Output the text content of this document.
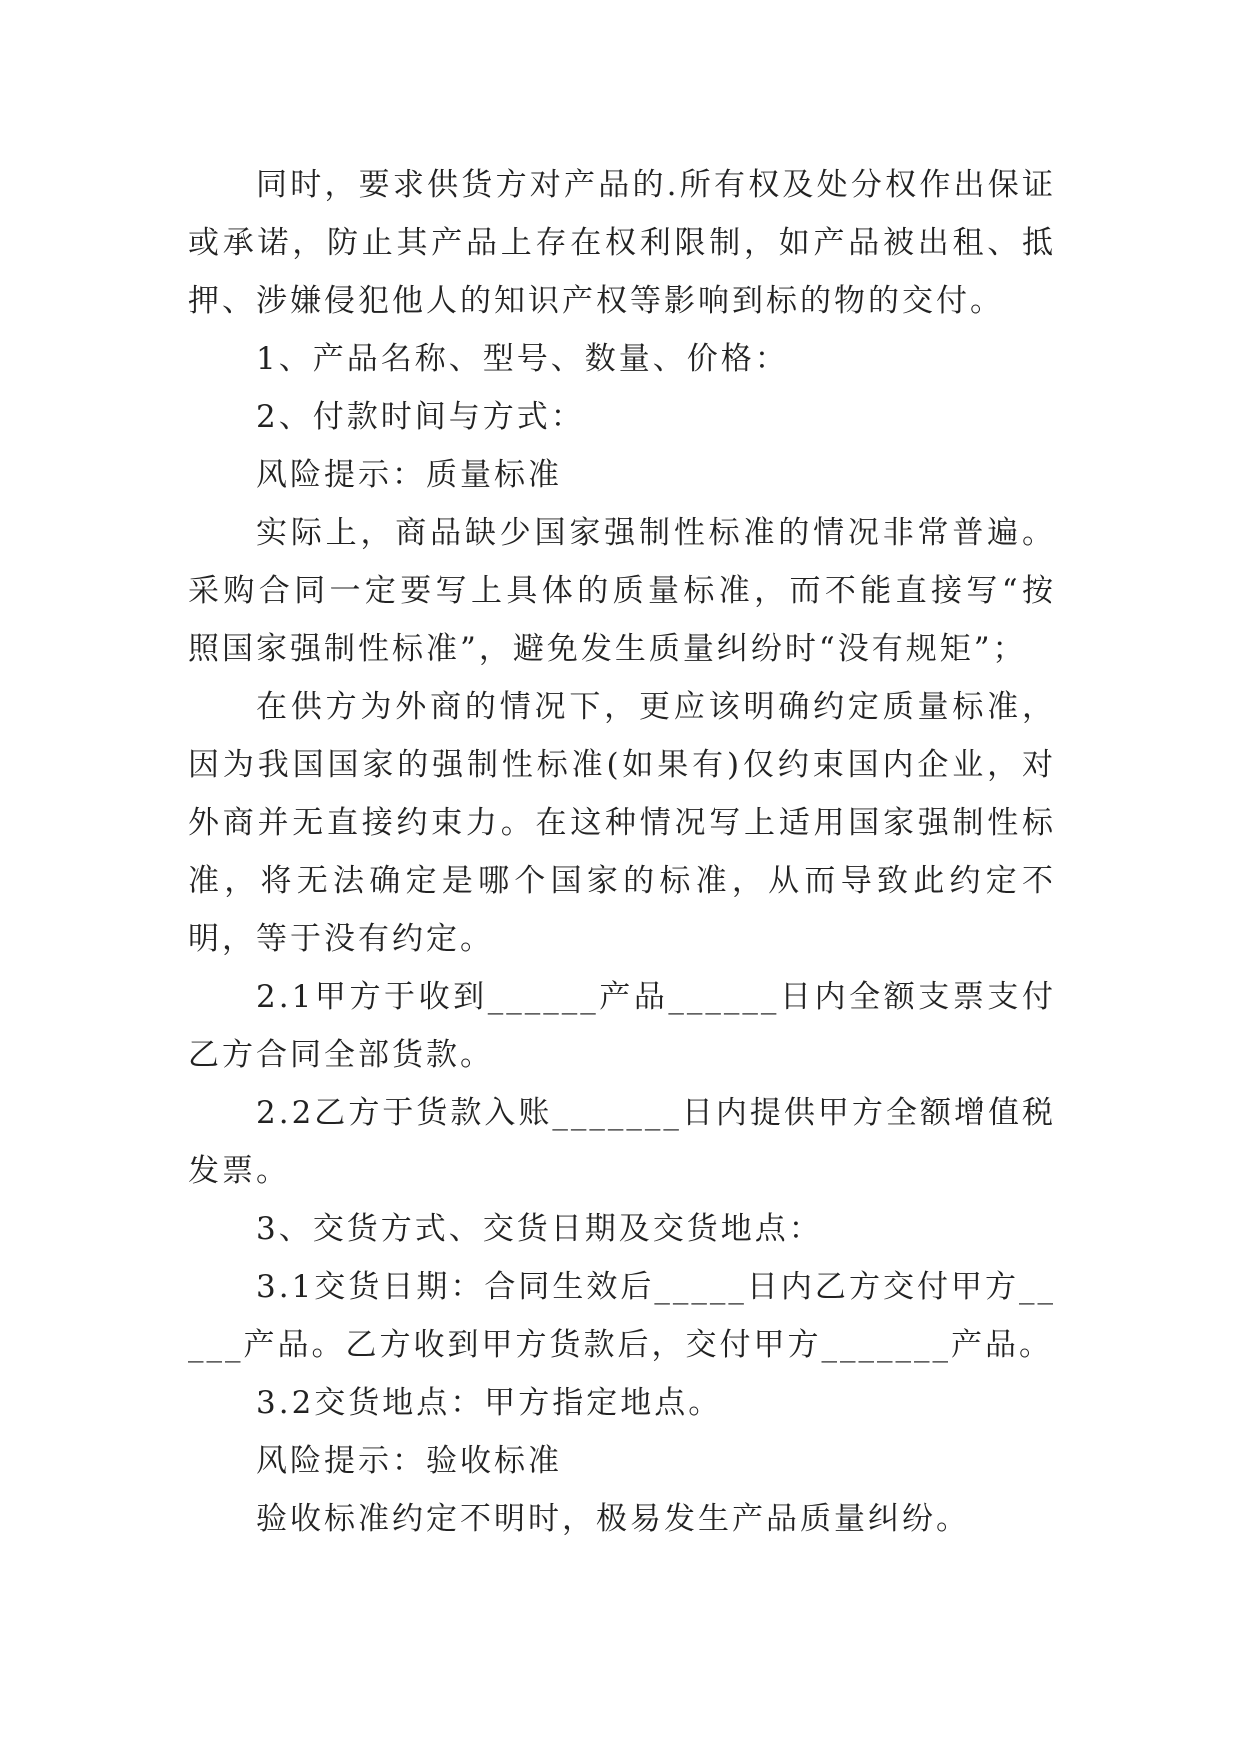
同时，要求供货方对产品的.所有权及处分权作出保证或承诺，防止其产品上存在权利限制，如产品被出租、抵押、涉嫌侵犯他人的知识产权等影响到标的物的交付。

1、产品名称、型号、数量、价格：

2、付款时间与方式：

风险提示：质量标准

实际上，商品缺少国家强制性标准的情况非常普遍。采购合同一定要写上具体的质量标准，而不能直接写“按照国家强制性标准”，避免发生质量纠纷时“没有规矩”；

在供方为外商的情况下，更应该明确约定质量标准，因为我国国家的强制性标准(如果有)仅约束国内企业，对外商并无直接约束力。在这种情况写上适用国家强制性标准，将无法确定是哪个国家的标准，从而导致此约定不明，等于没有约定。

2.1甲方于收到______产品______日内全额支票支付乙方合同全部货款。

2.2乙方于货款入账_______日内提供甲方全额增值税发票。

3、交货方式、交货日期及交货地点：

3.1交货日期：合同生效后_____日内乙方交付甲方_____产品。乙方收到甲方货款后，交付甲方_______产品。

3.2交货地点：甲方指定地点。

风险提示：验收标准

验收标准约定不明时，极易发生产品质量纠纷。
